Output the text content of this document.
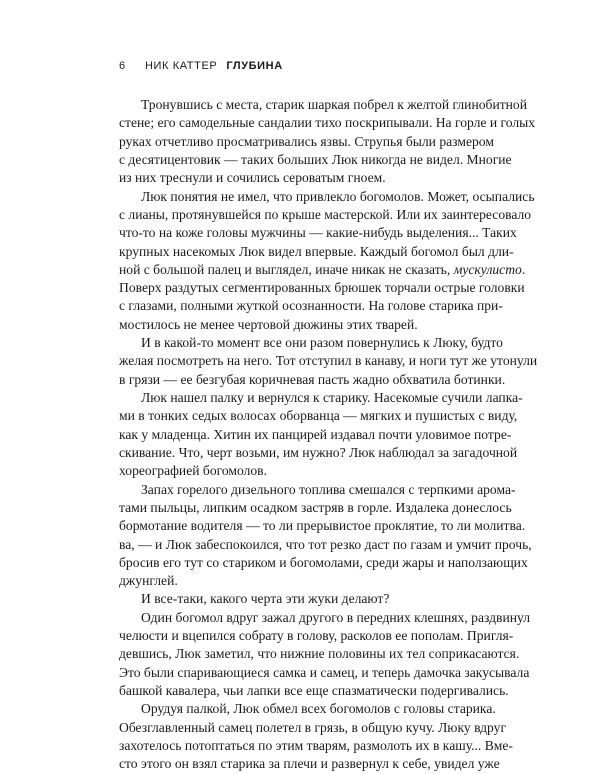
6 НИК КАТТЕР ГЛУБИНА
Тронувшись с места, старик шаркая побрел к желтой глинобитной
стене; его самодельные сандалии тихо поскрипывали. На горле и голых
руках отчетливо просматривались язвы. Струпья были размером
с десятицентовик — таких больших Люк никогда не видел. Многие
из них треснули и сочились сероватым гноем.
Люк понятия не имел, что привлекло богомолов. Может, осыпались
с лианы, протянувшейся по крыше мастерской. Или их заинтересовало
что-то на коже головы мужчины — какие-нибудь выделения... Таких
крупных насекомых Люк видел впервые. Каждый богомол был дли-
ной с большой палец и выглядел, иначе никак не сказать, мускулисто.
Поверх раздутых сегментированных брюшек торчали острые головки
с глазами, полными жуткой осознанности. На голове старика при-
мостилось не менее чертовой дюжины этих тварей.
И в какой-то момент все они разом повернулись к Люку, будто
желая посмотреть на него. Тот отступил в канаву, и ноги тут же утонули
в грязи — ее безгубая коричневая пасть жадно обхватила ботинки.
Люк нашел палку и вернулся к старику. Насекомые сучили лапка-
ми в тонких седых волосах оборванца — мягких и пушистых с виду,
как у младенца. Хитин их панцирей издавал почти уловимое потре-
скивание. Что, черт возьми, им нужно? Люк наблюдал за загадочной
хореографией богомолов.
Запах горелого дизельного топлива смешался с терпкими арома-
тами пыльцы, липким осадком застряв в горле. Издалека донеслось
бормотание водителя — то ли прерывистое проклятие, то ли молитва.
ва, — и Люк забеспокоился, что тот резко даст по газам и умчит прочь,
бросив его тут со стариком и богомолами, среди жары и наползающих
джунглей.
И все-таки, какого черта эти жуки делают?
Один богомол вдруг зажал другого в передних клешнях, раздвинул
челюсти и вцепился собрату в голову, расколов ее пополам. Пригля-
девшись, Люк заметил, что нижние половины их тел соприкасаются.
Это были спаривающиеся самка и самец, и теперь дамочка закусывала
башкой кавалера, чьи лапки все еще спазматически подергивались.
Орудуя палкой, Люк обмел всех богомолов с головы старика.
Обезглавленный самец полетел в грязь, в общую кучу. Люку вдруг
захотелось потоптаться по этим тварям, размолоть их в кашу... Вме-
сто этого он взял старика за плечи и развернул к себе, увидел уже
